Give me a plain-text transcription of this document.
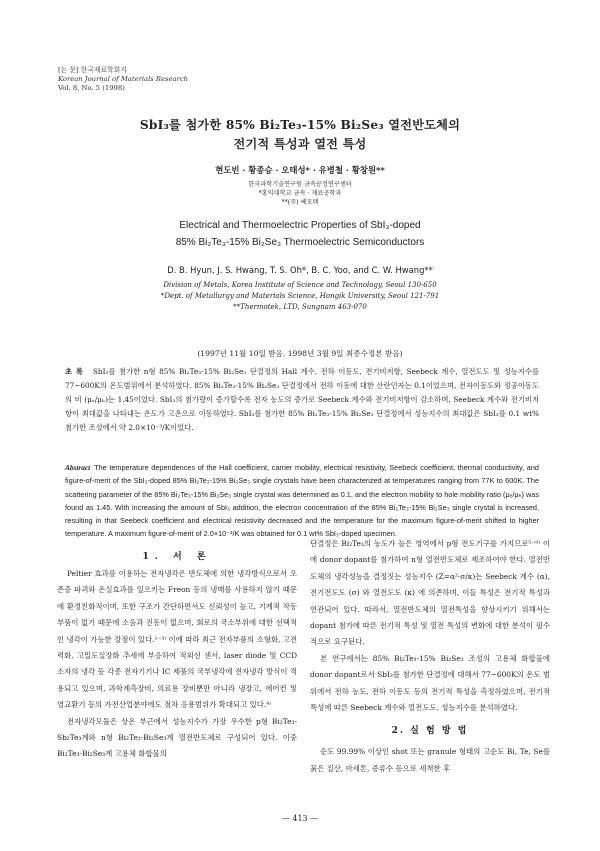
[논 문] 한국재료학회지
Korean Journal of Materials Research
Vol. 8, No. 5 (1998)
SbI₃를 첨가한 85% Bi₂Te₃-15% Bi₂Se₃ 열전반도체의
전기적 특성과 열전 특성
현도빈 · 황종승 · 오태성* · 유병철 · 황창원**
한국과학기술연구원 금속공정연구센터
*홍익대학교 금속 · 재료공학과
**(주) 쎄모텍
Electrical and Thermoelectric Properties of SbI₃-doped
85% Bi₂Te₃-15% Bi₂Se₃ Thermoelectric Semiconductors
D. B. Hyun, J. S. Hwang, T. S. Oh*, B. C. Yoo, and C. W. Hwang**
Division of Metals, Korea Institute of Science and Technology, Seoul 130-650
*Dept. of Metallurgy and Materials Science, Hongik University, Seoul 121-791
**Thermotek, LTD, Sungnam 463-070
(1997년 11월 10일 받음, 1998년 3월 9일 최종수정본 받음)
초 록 SbI₃를 첨가한 n형 85% Bi₂Te₃-15% Bi₂Se₃ 단결정의 Hall 계수, 전하 이동도, 전기비저항, Seebeck 계수, 열전도도 및 성능지수를 77~600K의 온도범위에서 분석하였다. 85% Bi₂Te₃-15% Bi₂Se₃ 단결정에서 전하 이동에 대한 산란인자는 0.1이었으며, 전자이동도와 정공이동도의 비 (μₑ/μₕ)는 1.45이었다. SbI₃의 첨가량이 증가할수록 전자 농도의 증가로 Seebeck 계수와 전기비저항이 감소하며, Seebeck 계수와 전기비저항이 최대값을 나타내는 온도가 고온으로 이동하였다. SbI₃를 첨가한 85% Bi₂Te₃-15% Bi₂Se₃ 단결정에서 성능지수의 최대값은 SbI₃를 0.1 wt% 첨가한 조성에서 약 2.0×10⁻³/K이었다.
Abstract The temperature dependences of the Hall coefficient, carrier mobility, electrical resistivity, Seebeck coefficient, thermal conductivity, and figure-of-merit of the SbI₃-doped 85% Bi₂Te₃-15% Bi₂Se₃ single crystals have been characterized at temperatures ranging from 77K to 600K. The scattering parameter of the 85% Bi₂Te₃-15% Bi₂Se₃ single crystal was determined as 0.1, and the electron mobility to hole mobility ratio (μₑ/μₕ) was found as 1.45. With increasing the amount of SbI₃ addition, the electron concentration of the 85% Bi₂Te₃-15% Bi₂Se₃ single crystal is increased, resulting in that Seebeck coefficient and electrical resistivity decreased and the temperature for the maximum figure-of-merit shifted to higher temperature. A maximum figure-of-merit of 2.0×10⁻³/K was obtained for 0.1 wt% SbI₃-doped specimen.
1. 서 론

Peltier 효과를 이용하는 전자냉각은 반도체에 의한 냉각방식으로서 오존층 파괴와 온실효과를 일으키는 Freon 등의 냉매를 사용하지 않기 때문에 환경친화적이며, 또한 구조가 간단하면서도 신뢰성이 높고, 기계적 작동부품이 없기 때문에 소음과 진동이 없으며, 회로의 국소부위에 대한 선택적인 냉각이 가능한 장점이 있다.¹⁻³⁾ 이에 따라 최근 전자부품의 소형화, 고전력화, 고밀도실장화 추세에 부응하여 적외선 센서, laser diode 및 CCD 소자의 냉각 등 각종 전자기기나 IC 제품의 국부냉각에 전자냉각 방식이 적용되고 있으며, 과학계측장비, 의료용 장비뿐만 아니라 냉장고, 에어컨 및 염교환기 등의 가전산업분야에도 점차 응용범위가 확대되고 있다.⁴⁾

전자냉각모듈은 상온 부근에서 성능지수가 가장 우수한 p형 Bi₂Te₃-Sb₂Te₃계와 n형 Bi₂Te₃-Bi₂Se₃계 열전반도체로 구성되어 있다. 이중 Bi₂Te₃-Bi₂Se₃계 고용체 화합물의

단결정은 Bi₂Te₃의 농도가 높은 영역에서 p형 전도기구를 가지므로⁵⁻⁹⁾ 이에 donor dopant를 첨가하여 n형 열전반도체로 제조하여야 한다. 열전반도체의 냉각성능을 결정짓는 성능지수 (Z=α²·σ/κ)는 Seebeck 계수 (α), 전기전도도 (σ) 와 열전도도 (κ) 에 의존하며, 이들 특성은 전기적 특성과 연관되어 있다. 따라서, 열전반도체의 열전특성을 향상시키기 위해서는 dopant 첨가에 따른 전기적 특성 및 열전 특성의 변화에 대한 분석이 필수적으로 요구된다.

본 연구에서는 85% Bi₂Te₃-15% Bi₂Se₃ 조성의 고용체 화합물에 donor dopant로서 SbI₃를 첨가한 단결정에 대해서 77~600K의 온도 범위에서 전하 농도, 전하 이동도 등의 전기적 특성을 측정하였으며, 전기적 특성에 따른 Seebeck 계수와 열전도도, 성능지수를 분석하였다.

2. 실 험 방 법

순도 99.99% 이상인 shot 또는 granule 형태의 고순도 Bi, Te, Se를 묽은 질산, 아세톤, 증류수 등으로 세척한 후

— 413 —
